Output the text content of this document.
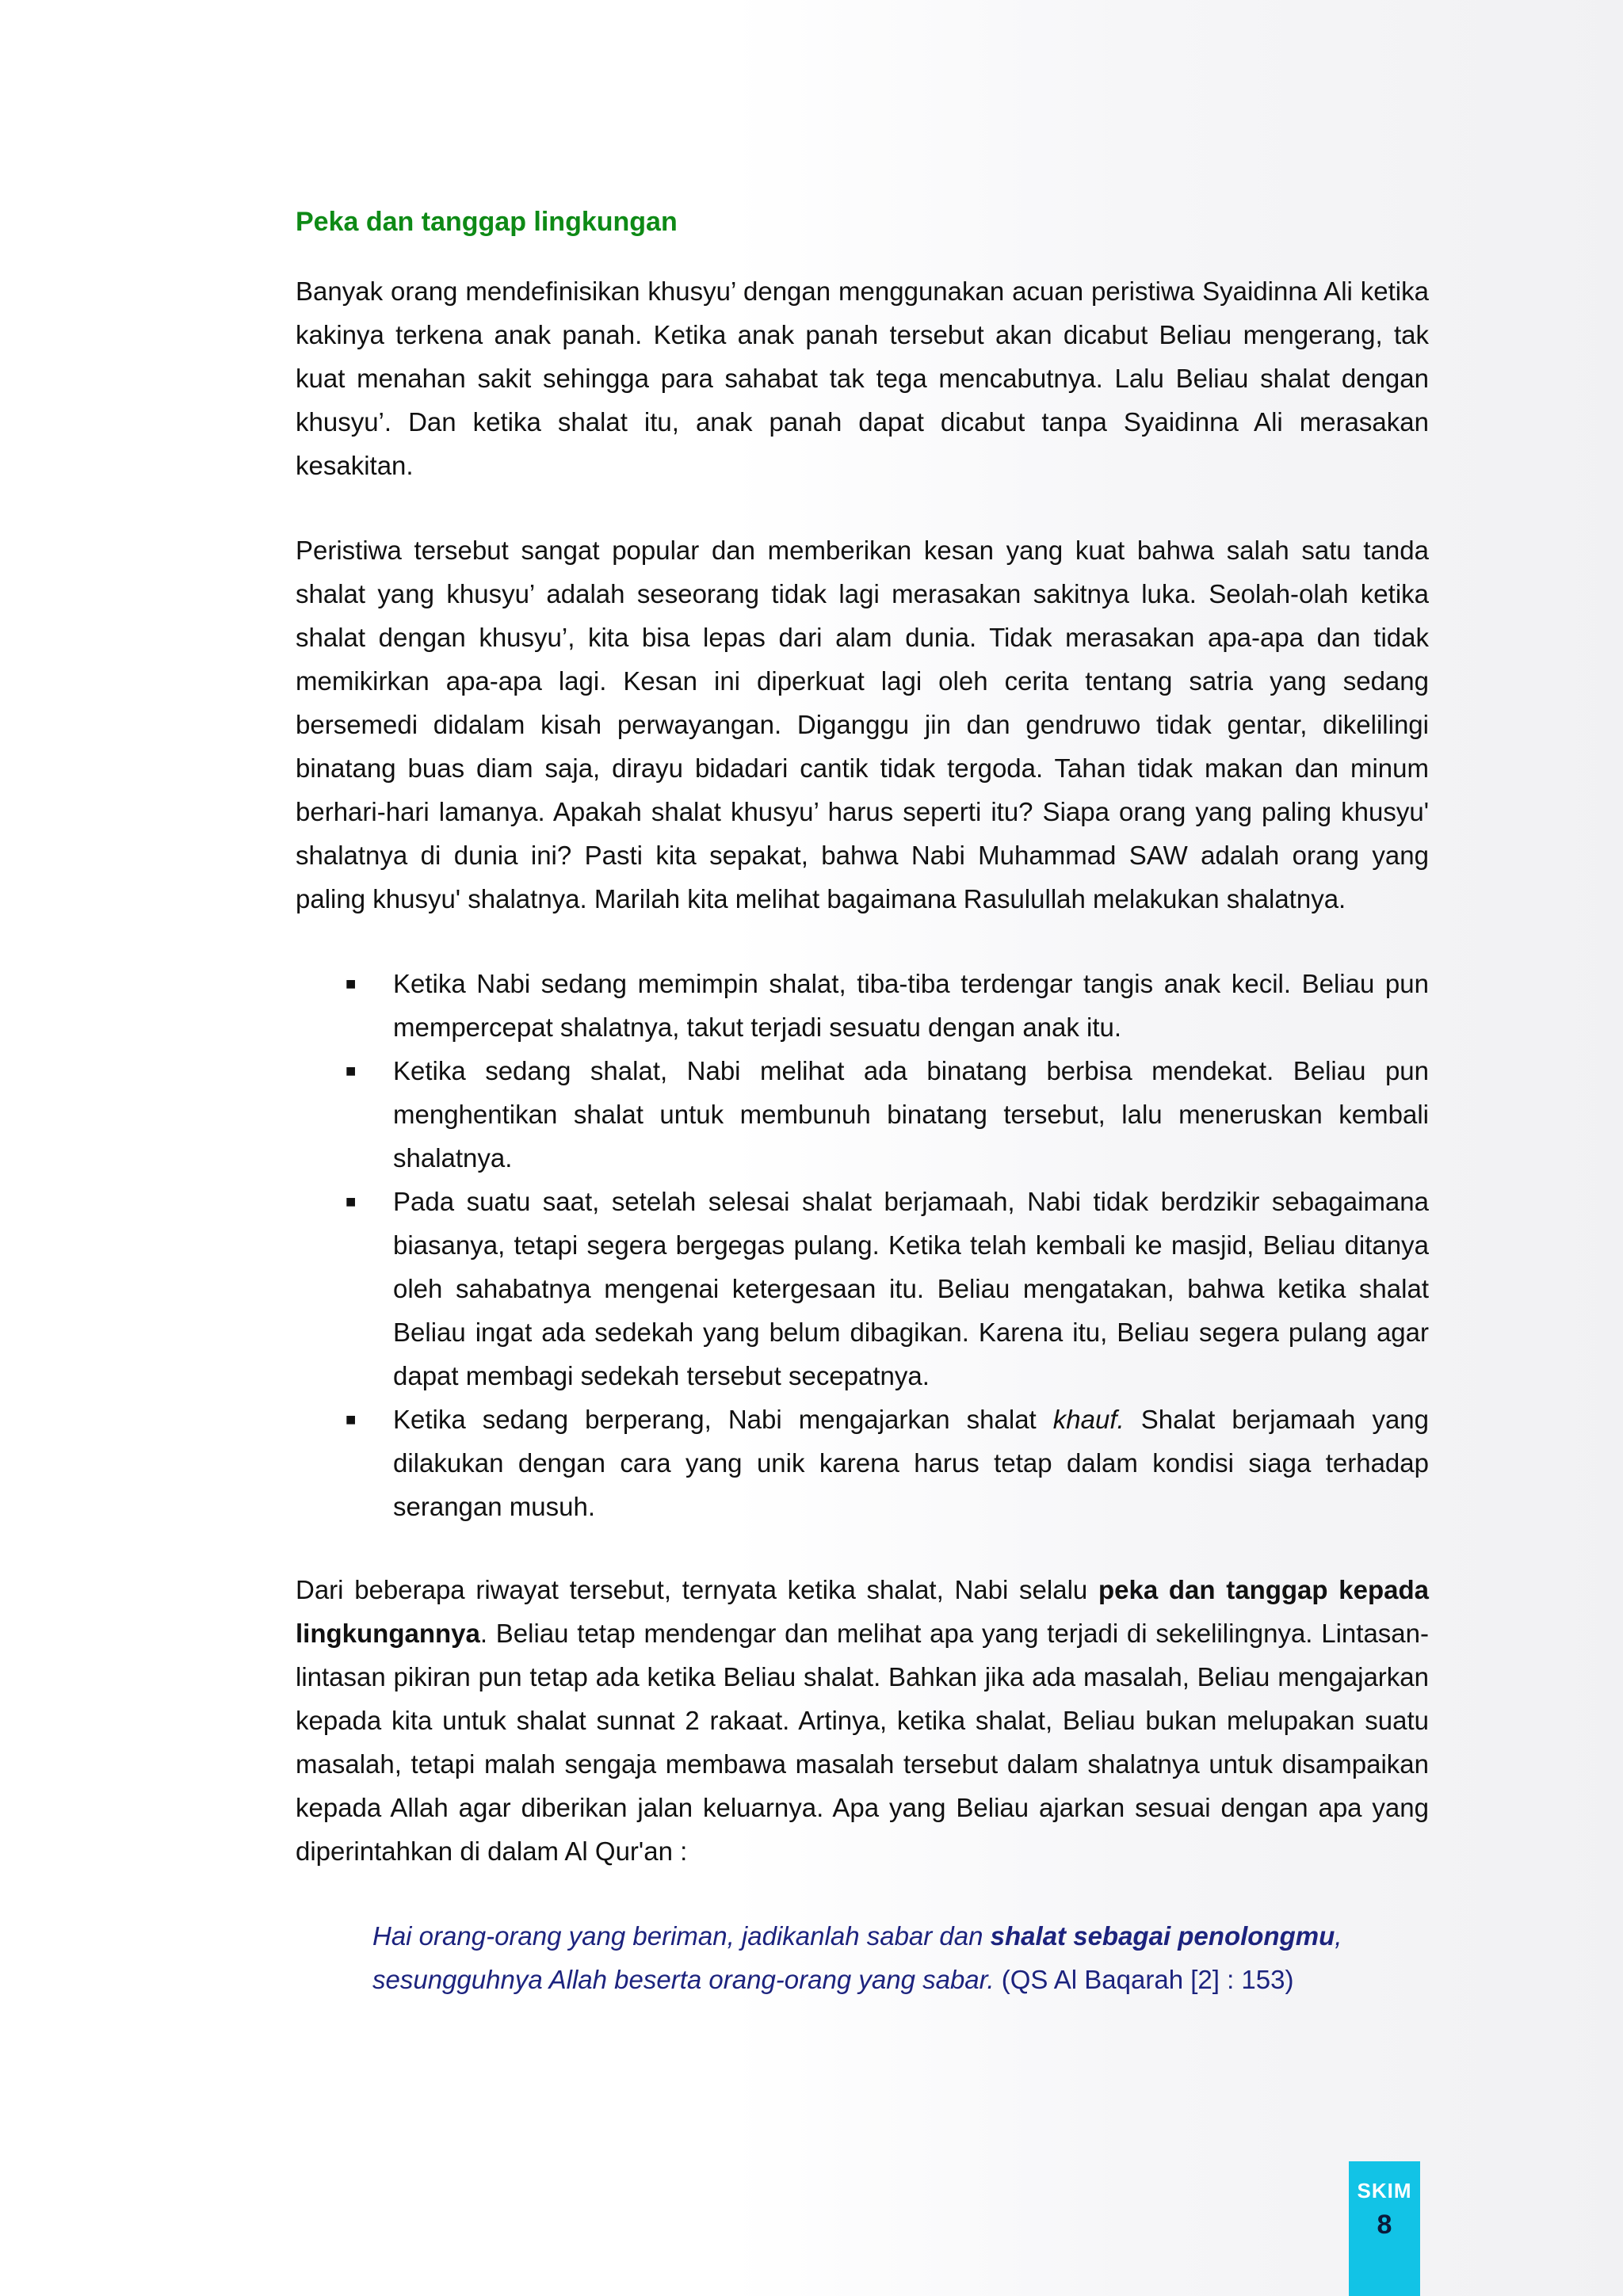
Peka dan tanggap lingkungan

Banyak orang mendefinisikan khusyu’ dengan menggunakan acuan peristiwa Syaidinna Ali ketika kakinya terkena anak panah. Ketika anak panah tersebut akan dicabut Beliau mengerang, tak kuat menahan sakit sehingga para sahabat tak tega mencabutnya. Lalu Beliau shalat dengan khusyu’. Dan ketika shalat itu, anak panah dapat dicabut tanpa Syaidinna Ali merasakan kesakitan.

Peristiwa tersebut sangat popular dan memberikan kesan yang kuat bahwa salah satu tanda shalat yang khusyu’ adalah seseorang tidak lagi merasakan sakitnya luka. Seolah-olah ketika shalat dengan khusyu’, kita bisa lepas dari alam dunia. Tidak merasakan apa-apa dan tidak memikirkan apa-apa lagi. Kesan ini diperkuat lagi oleh cerita tentang satria yang sedang bersemedi didalam kisah perwayangan. Diganggu jin dan gendruwo tidak gentar, dikelilingi binatang buas diam saja, dirayu bidadari cantik tidak tergoda. Tahan tidak makan dan minum berhari-hari lamanya. Apakah shalat khusyu’ harus seperti itu? Siapa orang yang paling khusyu' shalatnya di dunia ini? Pasti kita sepakat, bahwa Nabi Muhammad SAW adalah orang yang paling khusyu' shalatnya. Marilah kita melihat bagaimana Rasulullah melakukan shalatnya.

■ Ketika Nabi sedang memimpin shalat, tiba-tiba terdengar tangis anak kecil. Beliau pun mempercepat shalatnya, takut terjadi sesuatu dengan anak itu.
■ Ketika sedang shalat, Nabi melihat ada binatang berbisa mendekat. Beliau pun menghentikan shalat untuk membunuh binatang tersebut, lalu meneruskan kembali shalatnya.
■ Pada suatu saat, setelah selesai shalat berjamaah, Nabi tidak berdzikir sebagaimana biasanya, tetapi segera bergegas pulang. Ketika telah kembali ke masjid, Beliau ditanya oleh sahabatnya mengenai ketergesaan itu. Beliau mengatakan, bahwa ketika shalat Beliau ingat ada sedekah yang belum dibagikan. Karena itu, Beliau segera pulang agar dapat membagi sedekah tersebut secepatnya.
■ Ketika sedang berperang, Nabi mengajarkan shalat khauf. Shalat berjamaah yang dilakukan dengan cara yang unik karena harus tetap dalam kondisi siaga terhadap serangan musuh.

Dari beberapa riwayat tersebut, ternyata ketika shalat, Nabi selalu peka dan tanggap kepada lingkungannya. Beliau tetap mendengar dan melihat apa yang terjadi di sekelilingnya. Lintasan-lintasan pikiran pun tetap ada ketika Beliau shalat. Bahkan jika ada masalah, Beliau mengajarkan kepada kita untuk shalat sunnat 2 rakaat. Artinya, ketika shalat, Beliau bukan melupakan suatu masalah, tetapi malah sengaja membawa masalah tersebut dalam shalatnya untuk disampaikan kepada Allah agar diberikan jalan keluarnya. Apa yang Beliau ajarkan sesuai dengan apa yang diperintahkan di dalam Al Qur'an :

Hai orang-orang yang beriman, jadikanlah sabar dan shalat sebagai penolongmu, sesungguhnya Allah beserta orang-orang yang sabar. (QS Al Baqarah [2] : 153)
SKIM
8
